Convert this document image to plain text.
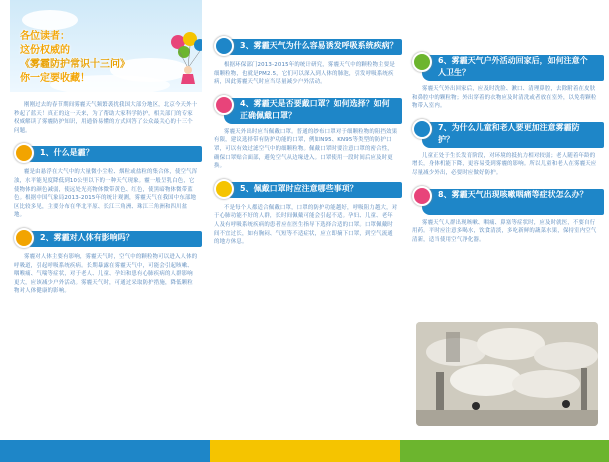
各位读者：
这份权威的
《雾霾防护常识十三问》
你一定要收藏！

刚刚过去的春节期间雾霾天气频繁袭扰我国大部分地区，北京今天外十秒起了蓝天！真正的这一天来，为了帮助大家科学防护，相关部门的专家权威解读了雾霾防护知识，用通俗易懂的方式回答了公众最关心的十三个问题。

1、什么是霾？

霾是由悬浮在大气中的大量微小尘粒、烟粒或盐粒的集合体，使空气浑浊，水平能见度降低到10公里以下的一种天气现象。霾一般呈乳白色，它使物体的颜色减弱，使远处光亮物体微带黄色、红色，使黑暗物体微带蓝色。根据中国气象局2013-2015年的统计观测，雾霾天气在我国中东部地区比较多见，主要分布在华北平原、长江三角洲、珠江三角洲和四川盆地。

2、雾霾对人体有影响吗？

雾霾对人体主要有影响，雾霾天气时，空气中的颗粒物可以进入人体的呼吸道，引起呼吸系统疾病。长期暴露在雾霾天气中，可能会引起咳嗽、咽喉痛、气喘等症状，对于老人、儿童、孕妇和患有心肺疾病的人群影响更大，应该减少户外活动。雾霾天气时，可通过采取防护措施，降低颗粒物对人体健康的影响。

3、雾霾天气为什么容易诱发呼吸系统疾病？

根据环保部门2013-2015年的统计研究，雾霾天气中的颗粒物主要是细颗粒物，也就是PM2.5，它们可以深入到人体的肺泡，引发呼吸系统疾病，因此雾霾天气时应当尽量减少户外活动。

4、雾霾天是否要戴口罩？如何选择？如何正确佩戴口罩？

雾霾天外出时应当佩戴口罩。普通的纱布口罩对于细颗粒物的阻挡效果有限，建议选择带有防护功能的口罩，例如N95、KN95等类型的防护口罩，可以有效过滤空气中的细颗粒物。佩戴口罩时要注意口罩的密合性，确保口罩贴合面部，避免空气从边缘进入。口罩使用一段时间后应及时更换。

5、佩戴口罩时应注意哪些事项？

不是每个人都适合佩戴口罩，口罩的防护功能越好，呼吸阻力越大，对于心肺功能不好的人群，长时间佩戴可能会引起不适。孕妇、儿童、老年人及有呼吸系统疾病的患者应在医生指导下选择合适的口罩。口罩佩戴时间不宜过长，如有胸闷、气短等不适症状，应立即摘下口罩，到空气流通的地方休息。

6、雾霾天气户外活动回家后，如何注意个人卫生？

雾霾天气外出回家后，应及时洗脸、漱口、清理鼻腔，去除附着在皮肤和鼻腔中的颗粒物；外出穿着的衣物应及时清洗或者放在室外，以免将颗粒物带入室内。

7、为什么儿童和老人要更加注意雾霾防护？

儿童正处于生长发育阶段，对环境的抵抗力相对较弱；老人随着年龄的增长，身体机能下降，更容易受到雾霾的影响。所以儿童和老人在雾霾天应尽量减少外出，必要时应做好防护。

8、雾霾天气出现咳嗽咽痛等症状怎么办？

雾霾天气人群出现咳嗽、咽痛、鼻塞等症状时，应及时就医，不要自行用药。平时应注意多喝水，饮食清淡，多吃新鲜的蔬菜水果，保持室内空气清新，适当使用空气净化器。
